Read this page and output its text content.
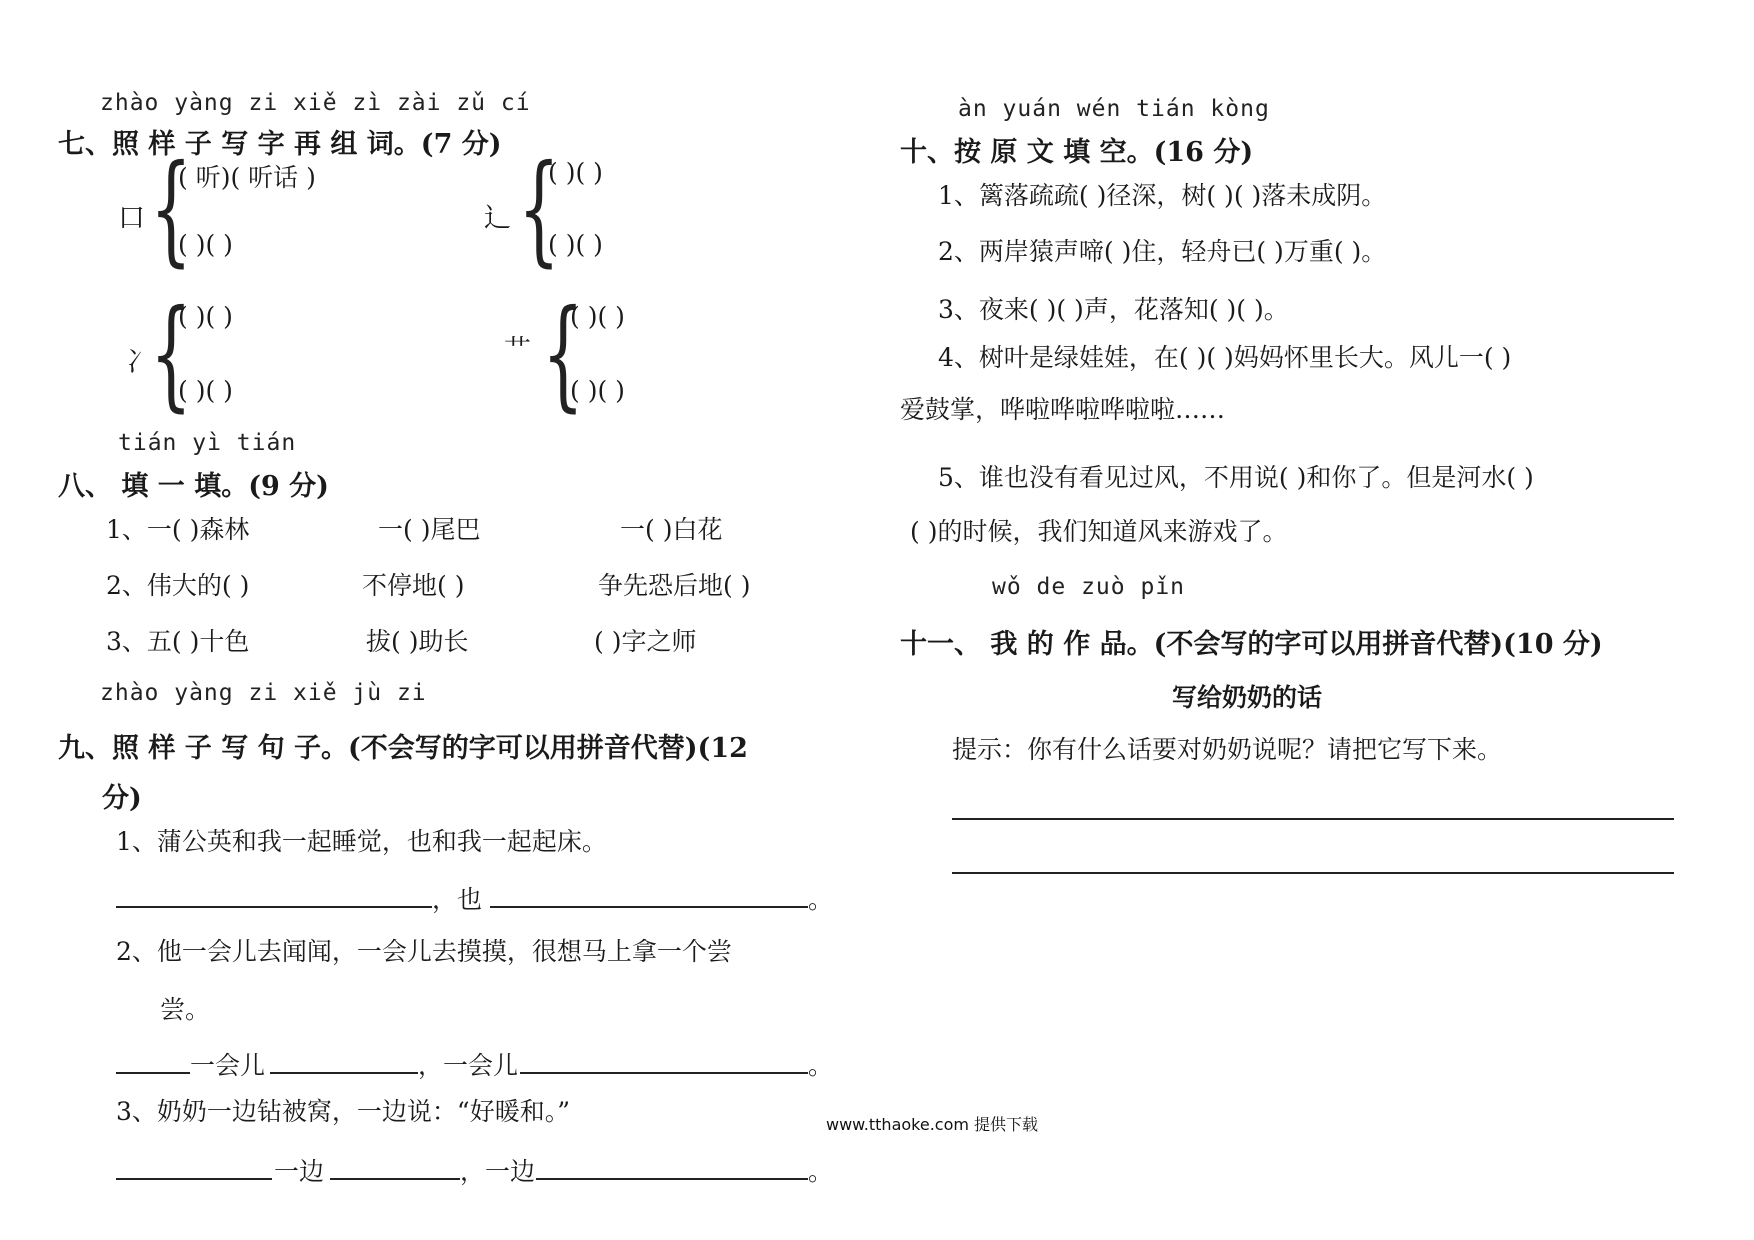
zhào yàng zi xiě zì zài zǔ cí
七、照 样 子 写 字 再 组 词。(7 分)
口 {
( 听)( 听话 )
( )( )
辶 {
( )( )
( )( )
冫
{
( )( )
( )( )
艹 {
( )( )
( )( )
tián yì tián
八、 填 一 填。(9 分)
1、一( )森林	一( )尾巴	一( )白花
2、伟大的( )	不停地( )	争先恐后地( )
3、五( )十色	拔( )助长	( )字之师
zhào yàng zi xiě jù zi
九、照 样 子 写 句 子。(不会写的字可以用拼音代替)(12
分)
1、蒲公英和我一起睡觉，也和我一起起床。
，也	。
2、他一会儿去闻闻，一会儿去摸摸，很想马上拿一个尝
尝。
一会儿	，一会儿	。
3、奶奶一边钻被窝，一边说：“好暖和。”
一边	，一边	。
àn yuán wén tián kòng
十、按 原 文 填 空。(16 分)
1、篱落疏疏( )径深，树( )( )落未成阴。
2、两岸猿声啼( )住，轻舟已( )万重( )。
3、夜来( )( )声，花落知( )( )。
4、树叶是绿娃娃，在( )( )妈妈怀里长大。风儿一( )
爱鼓掌，哗啦哗啦哗啦啦……
5、谁也没有看见过风，不用说( )和你了。但是河水( )
( )的时候，我们知道风来游戏了。
wǒ de zuò pǐn
十一、 我 的 作 品。(不会写的字可以用拼音代替)(10 分)
写给奶奶的话
提示：你有什么话要对奶奶说呢？请把它写下来。
www.tthaoke.com 提供下载
